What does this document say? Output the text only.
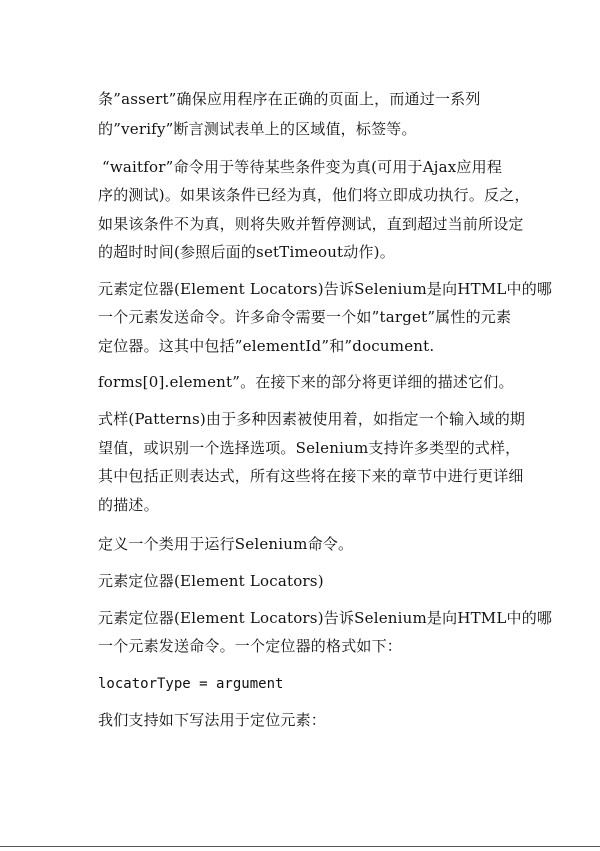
条”assert”确保应用程序在正确的页面上，而通过一系列
的”verify”断言测试表单上的区域值，标签等。
“waitfor”命令用于等待某些条件变为真(可用于Ajax应用程
序的测试)。如果该条件已经为真，他们将立即成功执行。反之，
如果该条件不为真，则将失败并暂停测试，直到超过当前所设定
的超时时间(参照后面的setTimeout动作)。
元素定位器(Element Locators)告诉Selenium是向HTML中的哪
一个元素发送命令。许多命令需要一个如”target”属性的元素
定位器。这其中包括”elementId”和”document.
forms[0].element”。在接下来的部分将更详细的描述它们。
式样(Patterns)由于多种因素被使用着，如指定一个输入域的期
望值，或识别一个选择选项。Selenium支持许多类型的式样，
其中包括正则表达式，所有这些将在接下来的章节中进行更详细
的描述。
定义一个类用于运行Selenium命令。
元素定位器(Element Locators)
元素定位器(Element Locators)告诉Selenium是向HTML中的哪
一个元素发送命令。一个定位器的格式如下：
locatorType = argument
我们支持如下写法用于定位元素：
